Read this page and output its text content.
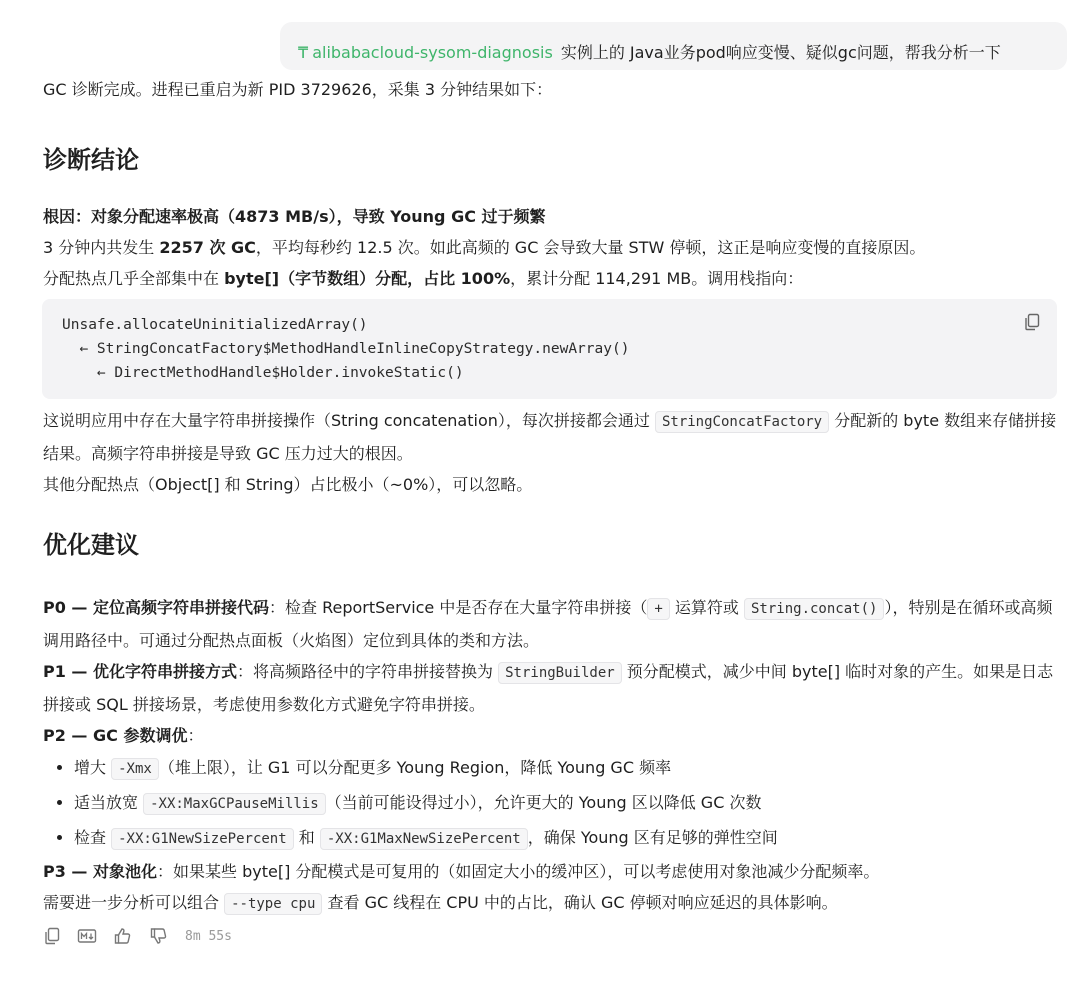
₸ alibabacloud-sysom-diagnosis 实例上的 Java业务pod响应变慢、疑似gc问题，帮我分析一下

GC 诊断完成。进程已重启为新 PID 3729626，采集 3 分钟结果如下：

诊断结论

根因：对象分配速率极高（4873 MB/s），导致 Young GC 过于频繁

3 分钟内共发生 2257 次 GC，平均每秒约 12.5 次。如此高频的 GC 会导致大量 STW 停顿，这正是响应变慢的直接原因。

分配热点几乎全部集中在 byte[]（字节数组）分配，占比 100%，累计分配 114,291 MB。调用栈指向：

Unsafe.allocateUninitializedArray()
← StringConcatFactory$MethodHandleInlineCopyStrategy.newArray()
← DirectMethodHandle$Holder.invokeStatic()

这说明应用中存在大量字符串拼接操作（String concatenation），每次拼接都会通过 StringConcatFactory 分配新的 byte 数组来存储拼接结果。高频字符串拼接是导致 GC 压力过大的根因。

其他分配热点（Object[] 和 String）占比极小（~0%），可以忽略。

优化建议

P0 — 定位高频字符串拼接代码：检查 ReportService 中是否存在大量字符串拼接（ + 运算符或 String.concat() ），特别是在循环或高频调用路径中。可通过分配热点面板（火焰图）定位到具体的类和方法。

P1 — 优化字符串拼接方式：将高频路径中的字符串拼接替换为 StringBuilder 预分配模式，减少中间 byte[] 临时对象的产生。如果是日志拼接或 SQL 拼接场景，考虑使用参数化方式避免字符串拼接。

P2 — GC 参数调优：

• 增大 -Xmx （堆上限），让 G1 可以分配更多 Young Region，降低 Young GC 频率
• 适当放宽 -XX:MaxGCPauseMillis （当前可能设得过小），允许更大的 Young 区以降低 GC 次数
• 检查 -XX:G1NewSizePercent 和 -XX:G1MaxNewSizePercent ，确保 Young 区有足够的弹性空间

P3 — 对象池化：如果某些 byte[] 分配模式是可复用的（如固定大小的缓冲区），可以考虑使用对象池减少分配频率。

需要进一步分析可以组合 --type cpu 查看 GC 线程在 CPU 中的占比，确认 GC 停顿对响应延迟的具体影响。

8m 55s
